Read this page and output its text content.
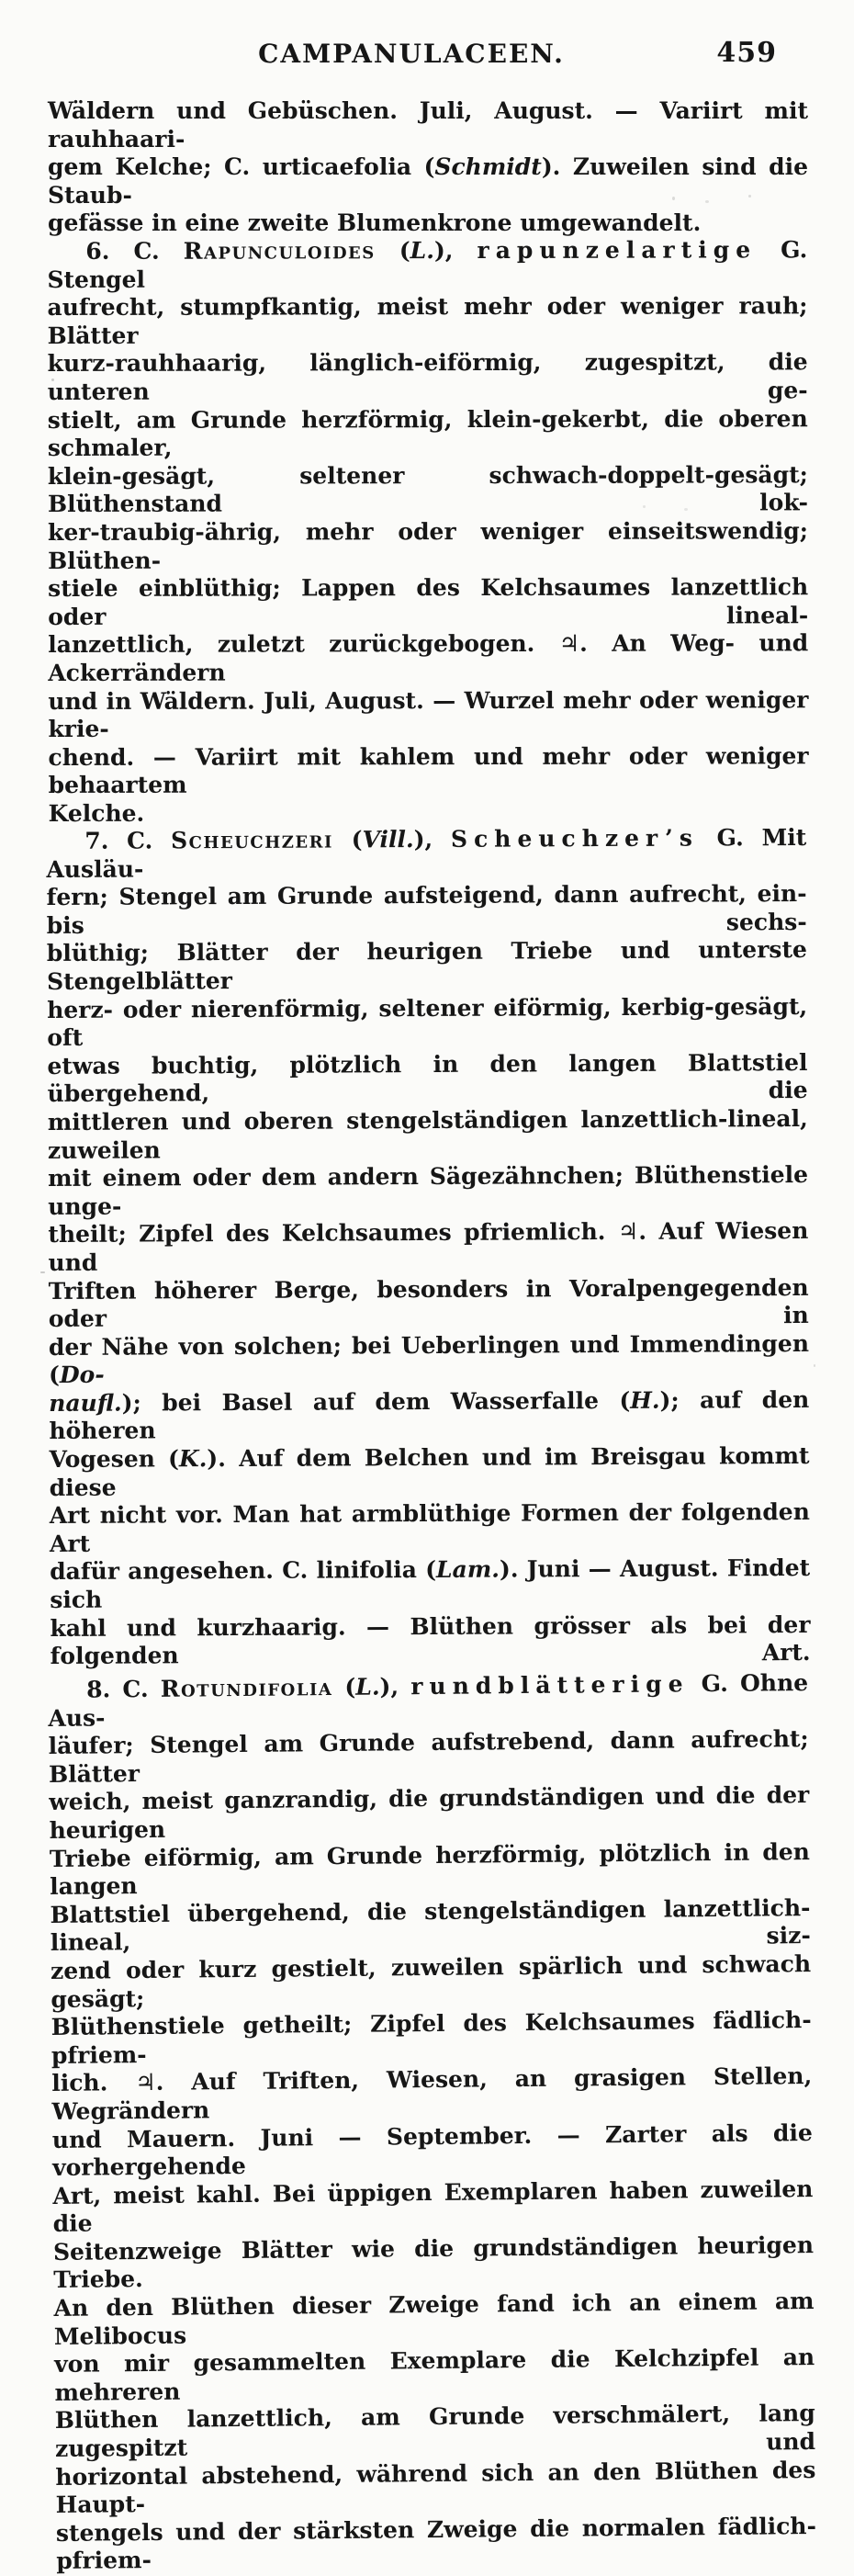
CAMPANULACEEN.	459
Wäldern und Gebüschen. Juli, August. — Variirt mit rauhhaari-
gem Kelche; C. urticaefolia (Schmidt). Zuweilen sind die Staub-
gefässe in eine zweite Blumenkrone umgewandelt.
6. C. Rapunculoides (L.), rapunzelartige G. Stengel
aufrecht, stumpfkantig, meist mehr oder weniger rauh; Blätter
kurz-rauhhaarig, länglich-eiförmig, zugespitzt, die unteren ge-
stielt, am Grunde herzförmig, klein-gekerbt, die oberen schmaler,
klein-gesägt, seltener schwach-doppelt-gesägt; Blüthenstand lok-
ker-traubig-ährig, mehr oder weniger einseitswendig; Blüthen-
stiele einblüthig; Lappen des Kelchsaumes lanzettlich oder lineal-
lanzettlich, zuletzt zurückgebogen. ♃. An Weg- und Ackerrändern
und in Wäldern. Juli, August. — Wurzel mehr oder weniger krie-
chend. — Variirt mit kahlem und mehr oder weniger behaartem
Kelche.
7. C. Scheuchzeri (Vill.), Scheuchzer’s G. Mit Ausläu-
fern; Stengel am Grunde aufsteigend, dann aufrecht, ein- bis sechs-
blüthig; Blätter der heurigen Triebe und unterste Stengelblätter
herz- oder nierenförmig, seltener eiförmig, kerbig-gesägt, oft
etwas buchtig, plötzlich in den langen Blattstiel übergehend, die
mittleren und oberen stengelständigen lanzettlich-lineal, zuweilen
mit einem oder dem andern Sägezähnchen; Blüthenstiele unge-
theilt; Zipfel des Kelchsaumes pfriemlich. ♃. Auf Wiesen und
Triften höherer Berge, besonders in Voralpengegenden oder in
der Nähe von solchen; bei Ueberlingen und Immendingen (Do-
naufl.); bei Basel auf dem Wasserfalle (H.); auf den höheren
Vogesen (K.). Auf dem Belchen und im Breisgau kommt diese
Art nicht vor. Man hat armblüthige Formen der folgenden Art
dafür angesehen. C. linifolia (Lam.). Juni — August. Findet sich
kahl und kurzhaarig. — Blüthen grösser als bei der folgenden Art.
8. C. Rotundifolia (L.), rundblätterige G. Ohne Aus-
läufer; Stengel am Grunde aufstrebend, dann aufrecht; Blätter
weich, meist ganzrandig, die grundständigen und die der heurigen
Triebe eiförmig, am Grunde herzförmig, plötzlich in den langen
Blattstiel übergehend, die stengelständigen lanzettlich-lineal, siz-
zend oder kurz gestielt, zuweilen spärlich und schwach gesägt;
Blüthenstiele getheilt; Zipfel des Kelchsaumes fädlich-pfriem-
lich. ♃. Auf Triften, Wiesen, an grasigen Stellen, Wegrändern
und Mauern. Juni — September. — Zarter als die vorhergehende
Art, meist kahl. Bei üppigen Exemplaren haben zuweilen die
Seitenzweige Blätter wie die grundständigen heurigen Triebe.
An den Blüthen dieser Zweige fand ich an einem am Melibocus
von mir gesammelten Exemplare die Kelchzipfel an mehreren
Blüthen lanzettlich, am Grunde verschmälert, lang zugespitzt und
horizontal abstehend, während sich an den Blüthen des Haupt-
stengels und der stärksten Zweige die normalen fädlich-pfriem-
